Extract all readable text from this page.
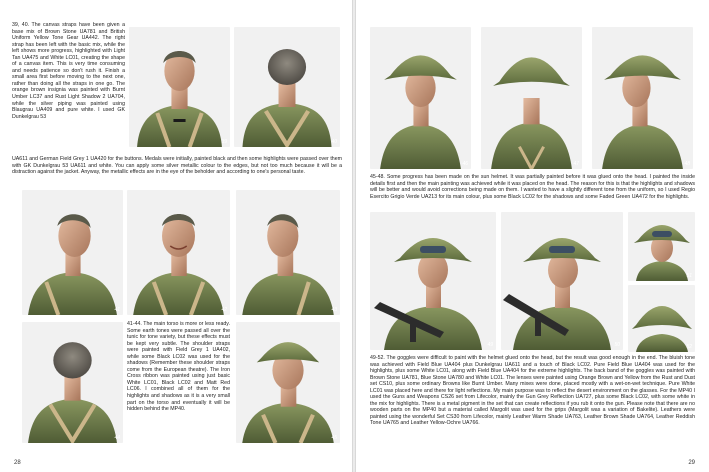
39, 40. The canvas straps have been given a base mix of Brown Stone UA781 and British Uniform Yellow Tone Gear UA442. The right strap has been left with the basic mix, while the left shows more progress, highlighted with Light Tan UA475 and White LC01, creating the shape of a canvas item. This is very time consuming and needs patience so don't rush it. Finish a small area first before moving to the next one, rather than doing all the straps in one go. The orange brown insignia was painted with Burnt Umber LC37 and Rust Light Shadow 2 UA704, while the silver piping was painted using Blaugrau UA409 and pure white. I used GK Dunkelgrau 53

UA611 and German Field Grey 1 UA420 for the buttons. Medals were initially, painted black and then some highlights were passed over them with GK Dunkelgrau 53 UA611 and white. You can apply some silver metallic colour to the edges, but not too much because it will be a distraction against the jacket. Anyway, the metallic effects are in the eye of the beholder and according to one's personal taste.

39	40
41	42	43
44

41-44. The main torso is more or less ready. Some earth tones were passed all over the tunic for tone variety, but these effects must be kept very subtle. The shoulder straps were painted with Field Grey 1 UA402, while some Black LC02 was used for the shadows (Remember these shoulder straps come from the European theatre). The Iron Cross ribbon was painted using just basic White LC01, Black LC02 and Matt Red LC06. I combined all of them for the highlights and shadows as it is a very small part on the torso and eventually it will be hidden behind the MP40.

45
28
46	47	48

45-48. Some progress has been made on the sun helmet. It was partially painted before it was glued onto the head. I painted the inside details first and then the main painting was achieved while it was placed on the head. The reason for this is that the highlights and shadows will be better and would avoid corrections being made on them. I wanted to have a slightly different tone from the uniform, so I used Regio Esercito Grigio Verde UA213 for its main colour, plus some Black LC02 for the shadows and some Faded Green UA472 for the highlights.

49	50
51
52

49-52. The goggles were difficult to paint with the helmet glued onto the head, but the result was good enough in the end. The bluish tone was achieved with Field Blue UA404 plus Dunkelgrau UA611 and a touch of Black LC02. Pure Field Blue UA404 was used for the highlights, plus some White LC01, along with Field Blue UA404 for the extreme highlights. The back band of the goggles was painted with Brown Stone UA781, Blue Stone UA780 and White LC01. The lenses were painted using Orange Brown and Yellow from the Rust and Dust set CS10, plus some ordinary Browns like Burnt Umber. Many mixes were done, placed mostly with a wet-on-wet technique. Pure White LC01 was placed here and there for light reflections. My main purpose was to reflect the desert environment on the glasses. For the MP40 I used the Guns and Weapons CS26 set from Lifecolor, mainly the Gun Grey Reflection UA727, plus some Black LC02, with some white in the mix for highlights. There is a metal pigment in the set that can create reflections if you rub it onto the gun. Please note that there are no wooden parts on the MP40 but a material called Margolit was used for the grips (Margolit was a variation of Bakelite). Leathers were painted using the wonderful Set CS30 from Lifecolor, mainly Leather Warm Shade UA763, Leather Brown Shade UA764, Leather Reddish Tone UA765 and Leather Yellow-Ochre UA766.

29
